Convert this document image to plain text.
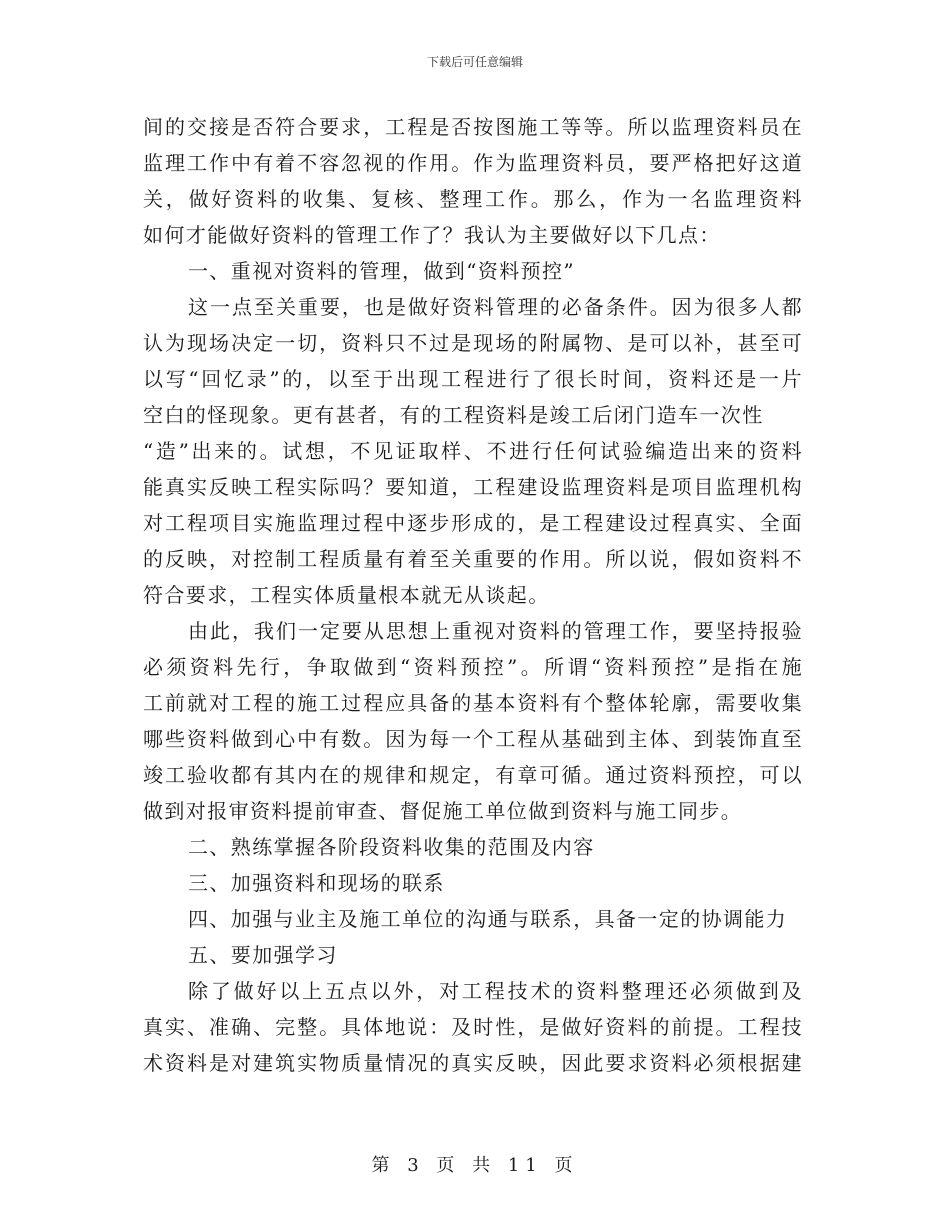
下载后可任意编辑
间的交接是否符合要求，工程是否按图施工等等。所以监理资料员在
监理工作中有着不容忽视的作用。作为监理资料员，要严格把好这道
关，做好资料的收集、复核、整理工作。那么，作为一名监理资料
如何才能做好资料的管理工作了？我认为主要做好以下几点：
一、重视对资料的管理，做到“资料预控”
这一点至关重要，也是做好资料管理的必备条件。因为很多人都
认为现场决定一切，资料只不过是现场的附属物、是可以补，甚至可
以写“回忆录”的，以至于出现工程进行了很长时间，资料还是一片
空白的怪现象。更有甚者，有的工程资料是竣工后闭门造车一次性
“造”出来的。试想，不见证取样、不进行任何试验编造出来的资料
能真实反映工程实际吗？要知道，工程建设监理资料是项目监理机构
对工程项目实施监理过程中逐步形成的，是工程建设过程真实、全面
的反映，对控制工程质量有着至关重要的作用。所以说，假如资料不
符合要求，工程实体质量根本就无从谈起。
由此，我们一定要从思想上重视对资料的管理工作，要坚持报验
必须资料先行，争取做到“资料预控”。所谓“资料预控”是指在施
工前就对工程的施工过程应具备的基本资料有个整体轮廓，需要收集
哪些资料做到心中有数。因为每一个工程从基础到主体、到装饰直至
竣工验收都有其内在的规律和规定，有章可循。通过资料预控，可以
做到对报审资料提前审查、督促施工单位做到资料与施工同步。
二、熟练掌握各阶段资料收集的范围及内容
三、加强资料和现场的联系
四、加强与业主及施工单位的沟通与联系，具备一定的协调能力
五、要加强学习
除了做好以上五点以外，对工程技术的资料整理还必须做到及
真实、准确、完整。具体地说：及时性，是做好资料的前提。工程技
术资料是对建筑实物质量情况的真实反映，因此要求资料必须根据建
第 3 页 共 11 页
